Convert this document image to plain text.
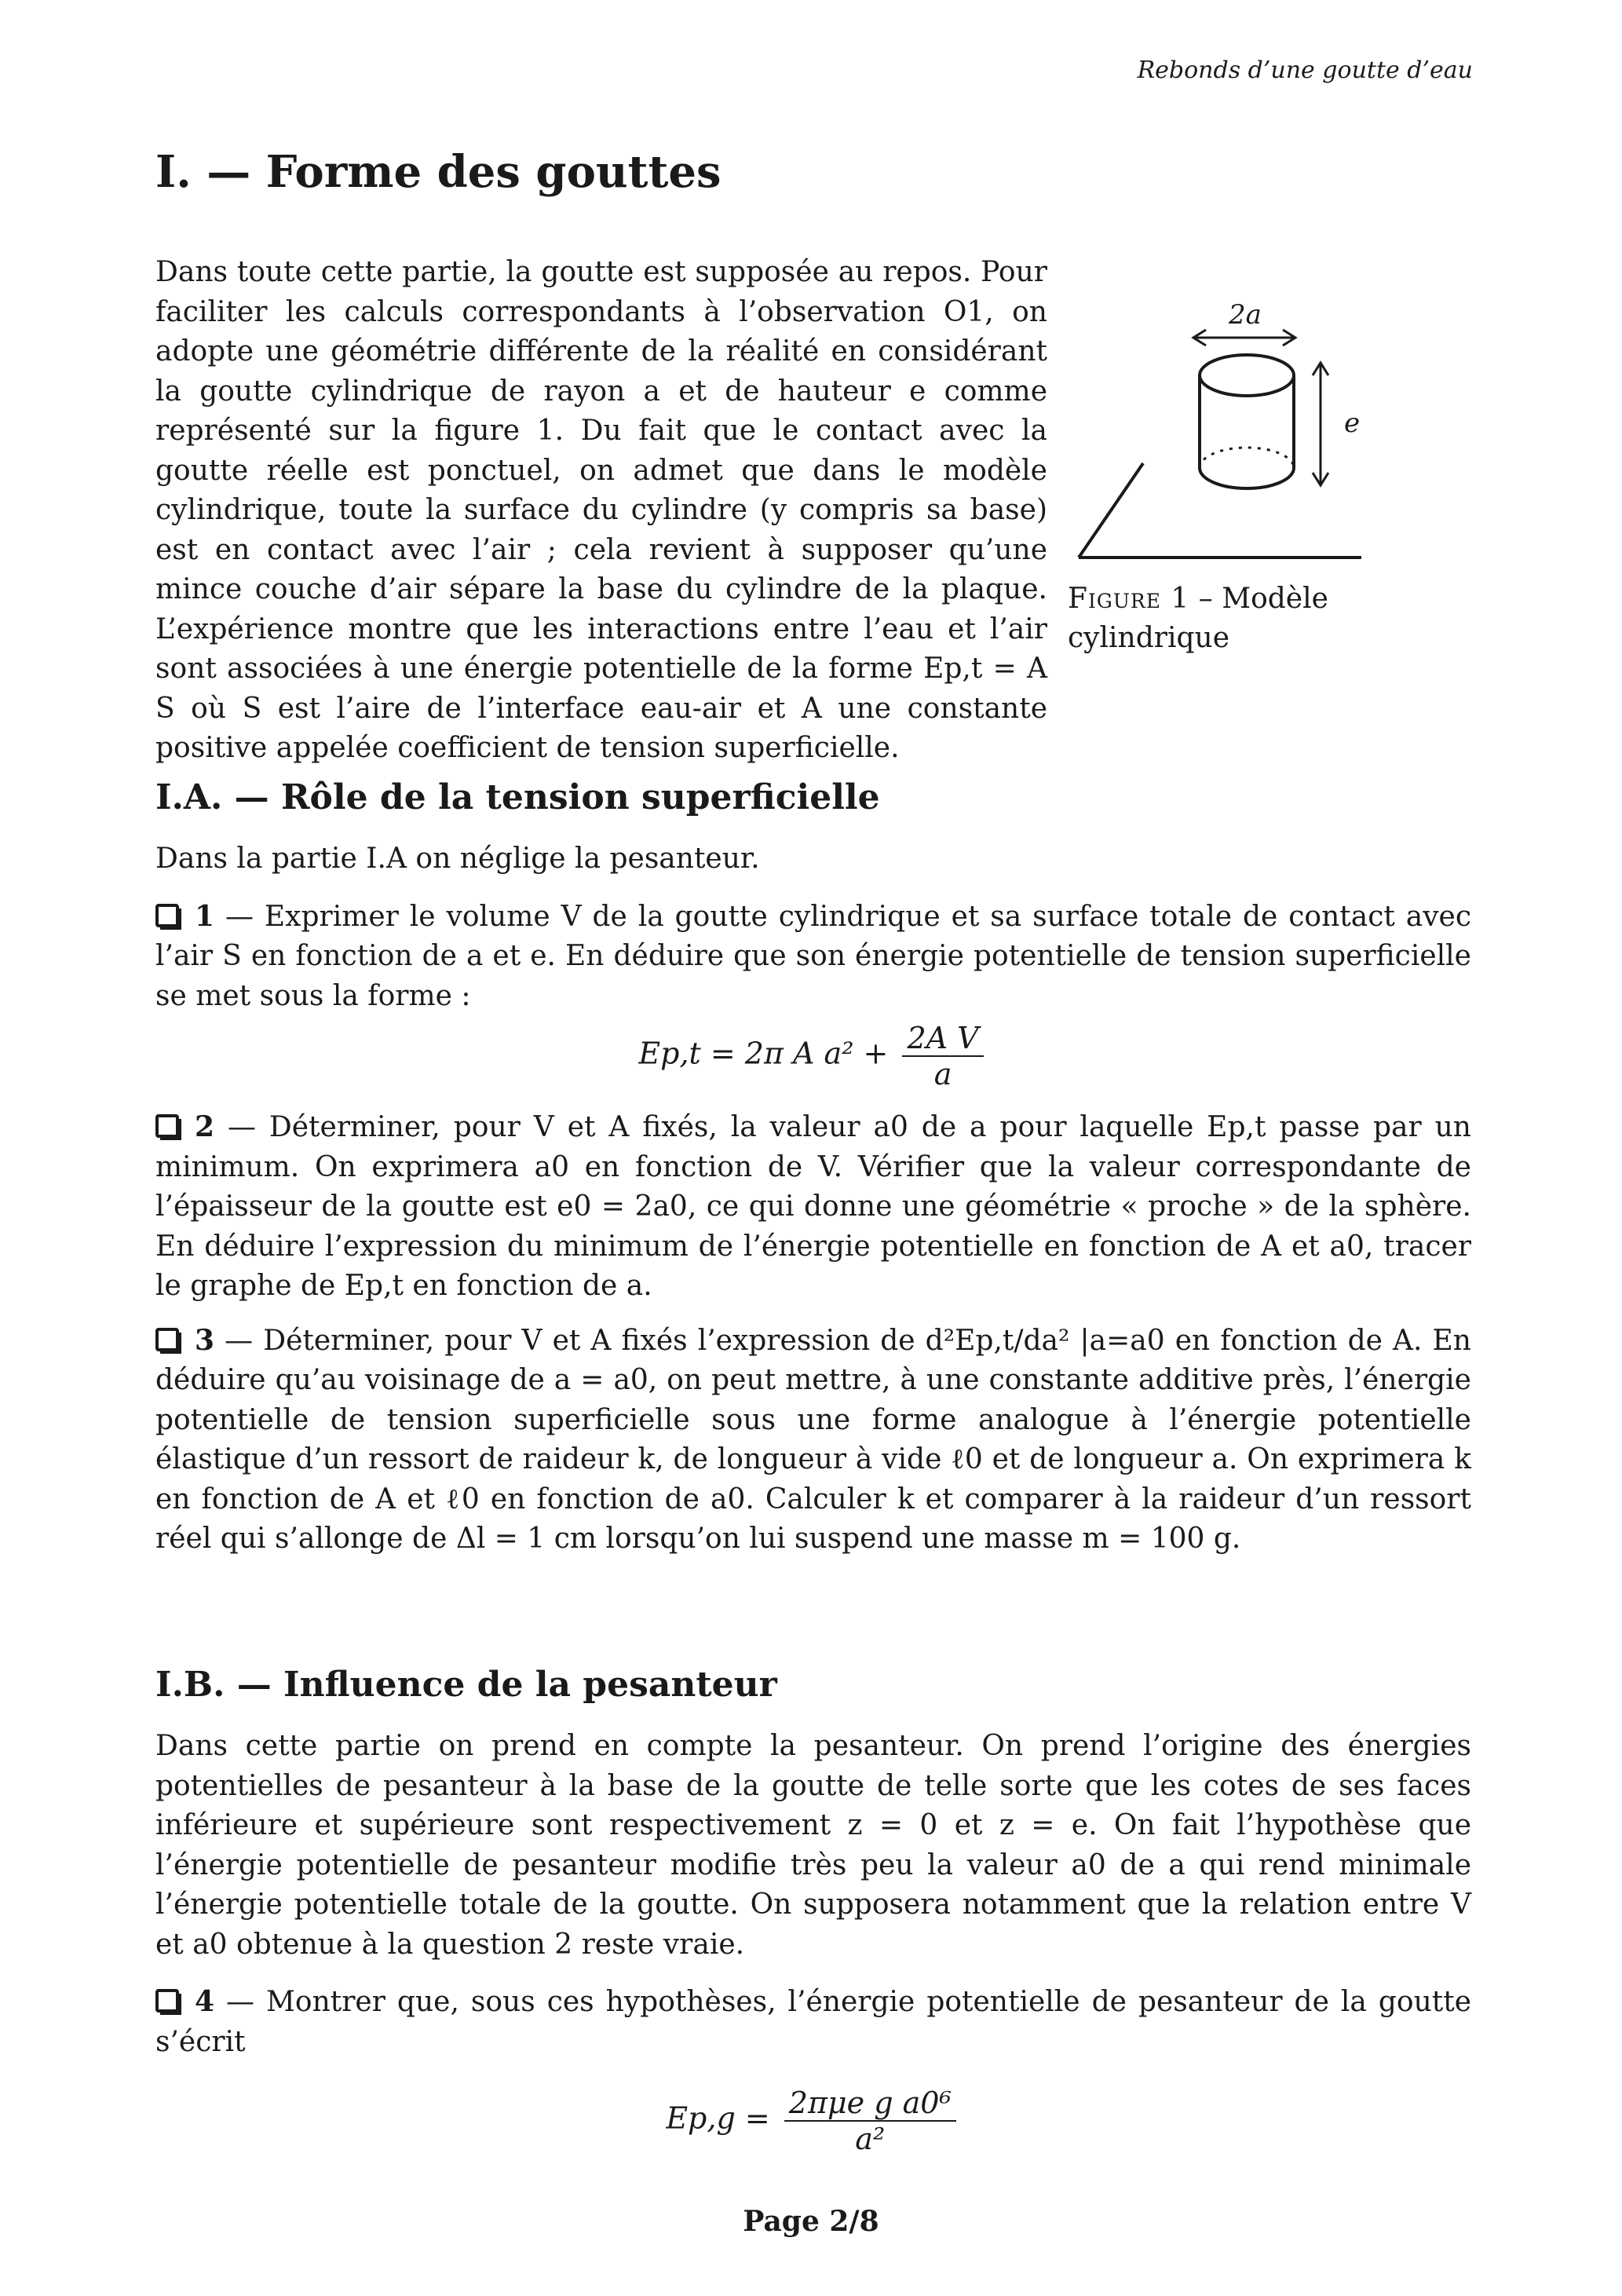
Rebonds d’une goutte d’eau
I. — Forme des gouttes

Dans toute cette partie, la goutte est supposée au repos. Pour faciliter les calculs correspondants à l’observation O1, on adopte une géométrie différente de la réalité en considérant la goutte cylindrique de rayon a et de hauteur e comme représenté sur la figure 1. Du fait que le contact avec la goutte réelle est ponctuel, on admet que dans le modèle cylindrique, toute la surface du cylindre (y compris sa base) est en contact avec l’air ; cela revient à supposer qu’une mince couche d’air sépare la base du cylindre de la plaque. L’expérience montre que les interactions entre l’eau et l’air sont associées à une énergie potentielle de la forme Ep,t = A S où S est l’aire de l’interface eau-air et A une constante positive appelée coefficient de tension superficielle.

2a
e
Figure 1 – Modèle cylindrique
I.A. — Rôle de la tension superficielle

Dans la partie I.A on néglige la pesanteur.

1 — Exprimer le volume V de la goutte cylindrique et sa surface totale de contact avec l’air S en fonction de a et e. En déduire que son énergie potentielle de tension superficielle se met sous la forme :

Ep,t = 2π A $a^2 + \frac{\text{2A V}}{a}$

2 — Déterminer, pour V et A fixés, la valeur a0 de a pour laquelle Ep,t passe par un minimum. On exprimera a0 en fonction de V. Vérifier que la valeur correspondante de l’épaisseur de la goutte est e0 = 2a0, ce qui donne une géométrie « proche » de la sphère. En déduire l’expression du minimum de l’énergie potentielle en fonction de A et a0, tracer le graphe de Ep,t en fonction de a.

3 — Déterminer, pour V et A fixés l’expression de d²Ep,t/da² |a=a0 en fonction de A. En déduire qu’au voisinage de a = a0, on peut mettre, à une constante additive près, l’énergie potentielle de tension superficielle sous une forme analogue à l’énergie potentielle élastique d’un ressort de raideur k, de longueur à vide ℓ0 et de longueur a. On exprimera k en fonction de A et ℓ0 en fonction de a0. Calculer k et comparer à la raideur d’un ressort réel qui s’allonge de Δl = 1 cm lorsqu’on lui suspend une masse m = 100 g.

I.B. — Influence de la pesanteur

Dans cette partie on prend en compte la pesanteur. On prend l’origine des énergies potentielles de pesanteur à la base de la goutte de telle sorte que les cotes de ses faces inférieure et supérieure sont respectivement z = 0 et z = e. On fait l’hypothèse que l’énergie potentielle de pesanteur modifie très peu la valeur a0 de a qui rend minimale l’énergie potentielle totale de la goutte. On supposera notamment que la relation entre V et a0 obtenue à la question 2 reste vraie.

4 — Montrer que, sous ces hypothèses, l’énergie potentielle de pesanteur de la goutte s’écrit

$Ep,g = \frac{\text{2πμe g a0⁶}}{\text{a²}}$
Page 2/8
